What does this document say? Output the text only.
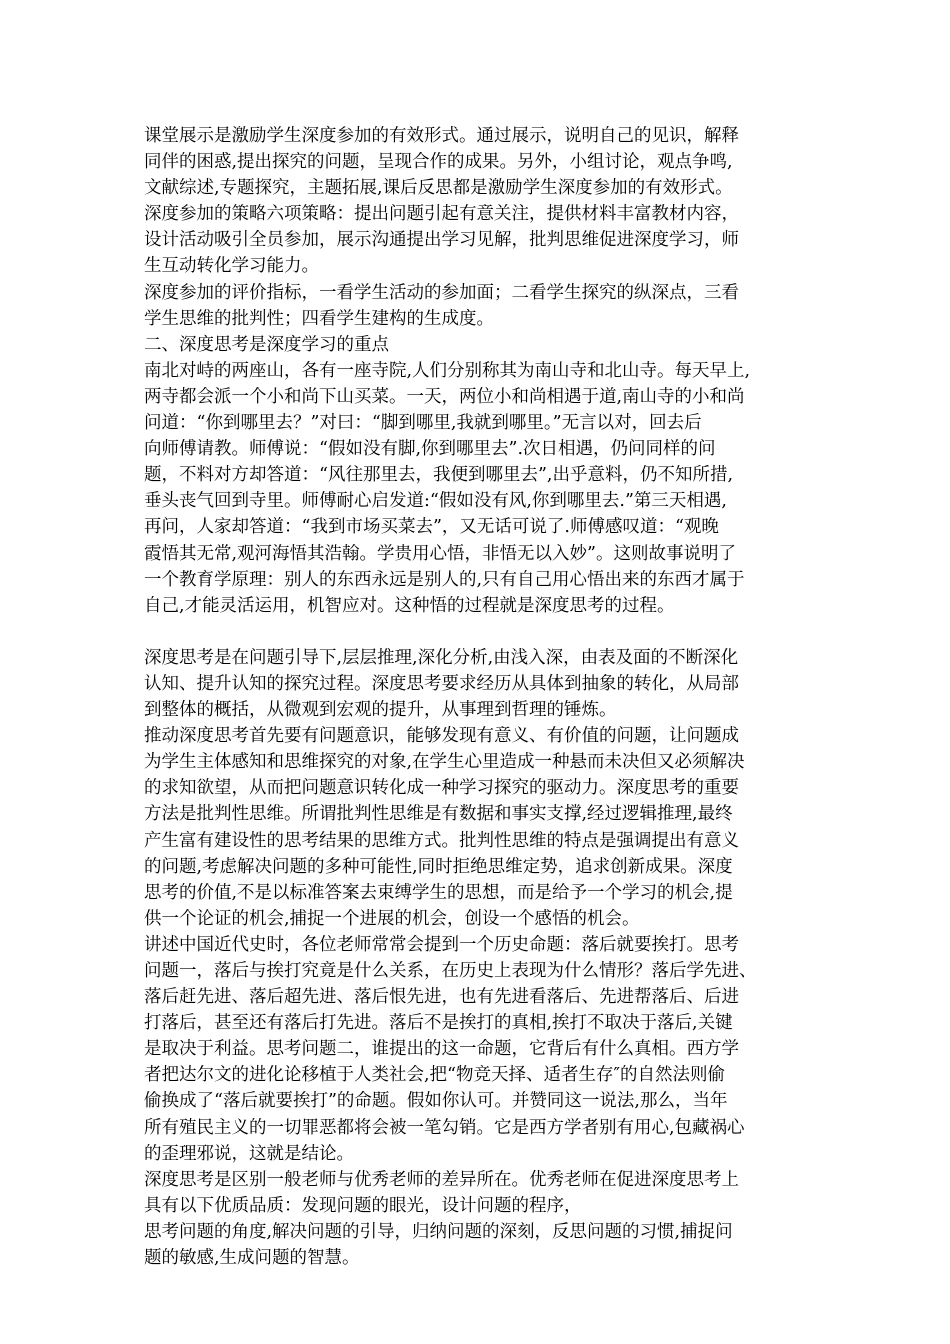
课堂展示是激励学生深度参加的有效形式。通过展示，说明自己的见识，解释
同伴的困惑,提出探究的问题，呈现合作的成果。另外，小组讨论，观点争鸣,
文献综述,专题探究，主题拓展,课后反思都是激励学生深度参加的有效形式。
深度参加的策略六项策略：提出问题引起有意关注，提供材料丰富教材内容，
设计活动吸引全员参加，展示沟通提出学习见解，批判思维促进深度学习，师
生互动转化学习能力。
深度参加的评价指标，一看学生活动的参加面；二看学生探究的纵深点，三看
学生思维的批判性；四看学生建构的生成度。
二、深度思考是深度学习的重点
南北对峙的两座山，各有一座寺院,人们分别称其为南山寺和北山寺。每天早上,
两寺都会派一个小和尚下山买菜。一天，两位小和尚相遇于道,南山寺的小和尚
问道：“你到哪里去？”对曰：“脚到哪里,我就到哪里。”无言以对，回去后
向师傅请教。师傅说：“假如没有脚,你到哪里去”.次日相遇，仍问同样的问
题，不料对方却答道：“风往那里去，我便到哪里去”,出乎意料，仍不知所措,
垂头丧气回到寺里。师傅耐心启发道:“假如没有风,你到哪里去.”第三天相遇,
再问，人家却答道：“我到市场买菜去”，又无话可说了.师傅感叹道：“观晚
霞悟其无常,观河海悟其浩翰。学贵用心悟，非悟无以入妙”。这则故事说明了
一个教育学原理：别人的东西永远是别人的,只有自己用心悟出来的东西才属于
自己,才能灵活运用，机智应对。这种悟的过程就是深度思考的过程。
深度思考是在问题引导下,层层推理,深化分析,由浅入深，由表及面的不断深化
认知、提升认知的探究过程。深度思考要求经历从具体到抽象的转化，从局部
到整体的概括，从微观到宏观的提升，从事理到哲理的锤炼。
推动深度思考首先要有问题意识，能够发现有意义、有价值的问题，让问题成
为学生主体感知和思维探究的对象,在学生心里造成一种悬而未决但又必须解决
的求知欲望，从而把问题意识转化成一种学习探究的驱动力。深度思考的重要
方法是批判性思维。所谓批判性思维是有数据和事实支撑,经过逻辑推理,最终
产生富有建设性的思考结果的思维方式。批判性思维的特点是强调提出有意义
的问题,考虑解决问题的多种可能性,同时拒绝思维定势，追求创新成果。深度
思考的价值,不是以标准答案去束缚学生的思想，而是给予一个学习的机会,提
供一个论证的机会,捕捉一个进展的机会，创设一个感悟的机会。
讲述中国近代史时，各位老师常常会提到一个历史命题：落后就要挨打。思考
问题一，落后与挨打究竟是什么关系，在历史上表现为什么情形？落后学先进、
落后赶先进、落后超先进、落后恨先进，也有先进看落后、先进帮落后、后进
打落后，甚至还有落后打先进。落后不是挨打的真相,挨打不取决于落后,关键
是取决于利益。思考问题二，谁提出的这一命题，它背后有什么真相。西方学
者把达尔文的进化论移植于人类社会,把“物竞天择、适者生存″的自然法则偷
偷换成了“落后就要挨打”的命题。假如你认可。并赞同这一说法,那么，当年
所有殖民主义的一切罪恶都将会被一笔勾销。它是西方学者别有用心,包藏祸心
的歪理邪说，这就是结论。
深度思考是区别一般老师与优秀老师的差异所在。优秀老师在促进深度思考上
具有以下优质品质：发现问题的眼光，设计问题的程序，
思考问题的角度,解决问题的引导，归纳问题的深刻，反思问题的习惯,捕捉问
题的敏感,生成问题的智慧。
